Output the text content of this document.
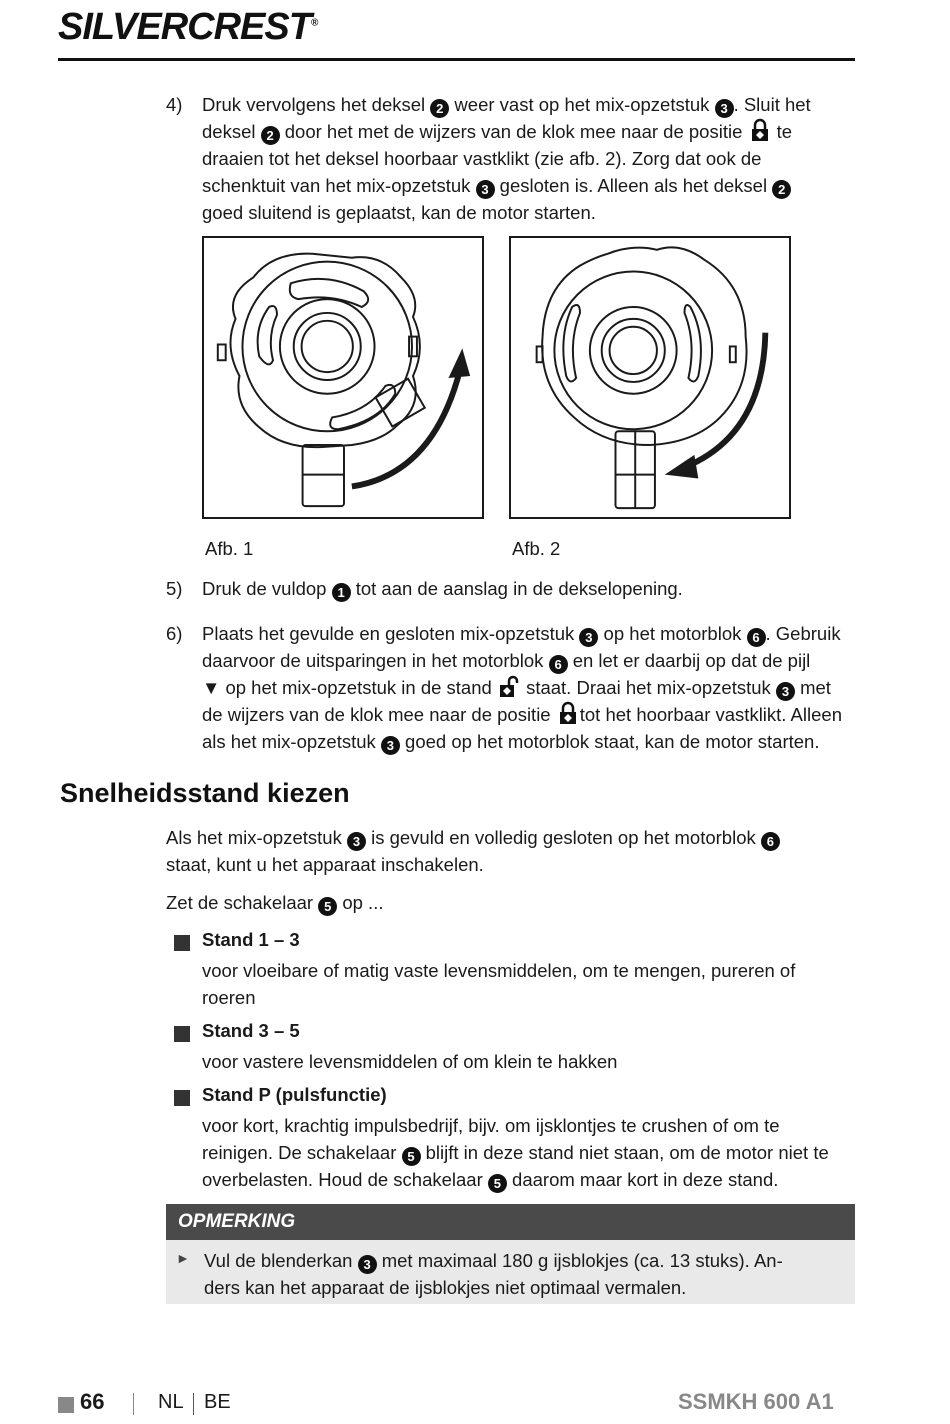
SILVERCREST®
4) Druk vervolgens het deksel 2 weer vast op het mix-opzetstuk 3 . Sluit het
deksel 2 door het met de wijzers van de klok mee naar de positie  te
draaien tot het deksel hoorbaar vastklikt (zie afb. 2). Zorg dat ook de
schenktuit van het mix-opzetstuk 3 gesloten is. Alleen als het deksel 2
goed sluitend is geplaatst, kan de motor starten.
Afb. 1	Afb. 2
5) Druk de vuldop 1 tot aan de aanslag in de dekselopening.
6) Plaats het gevulde en gesloten mix-opzetstuk 3 op het motorblok 6 . Gebruik
daarvoor de uitsparingen in het motorblok 6 en let er daarbij op dat de pijl
▼ op het mix-opzetstuk in de stand  staat. Draai het mix-opzetstuk 3 met
de wijzers van de klok mee naar de positie tot het hoorbaar vastklikt. Alleen
als het mix-opzetstuk 3 goed op het motorblok staat, kan de motor starten.
Snelheidsstand kiezen
Als het mix-opzetstuk 3 is gevuld en volledig gesloten op het motorblok 6
staat, kunt u het apparaat inschakelen.
Zet de schakelaar 5 op ...
Stand 1 – 3
voor vloeibare of matig vaste levensmiddelen, om te mengen, pureren of
roeren
Stand 3 – 5
voor vastere levensmiddelen of om klein te hakken
Stand P (pulsfunctie)
voor kort, krachtig impulsbedrijf, bijv. om ijsklontjes te crushen of om te
reinigen. De schakelaar 5 blijft in deze stand niet staan, om de motor niet te
overbelasten. Houd de schakelaar 5 daarom maar kort in deze stand.
OPMERKING
Vul de blenderkan 3 met maximaal 180 g ijsblokjes (ca. 13 stuks). An-
ders kan het apparaat de ijsblokjes niet optimaal vermalen.
►
66	NL BE	SSMKH 600 A1
